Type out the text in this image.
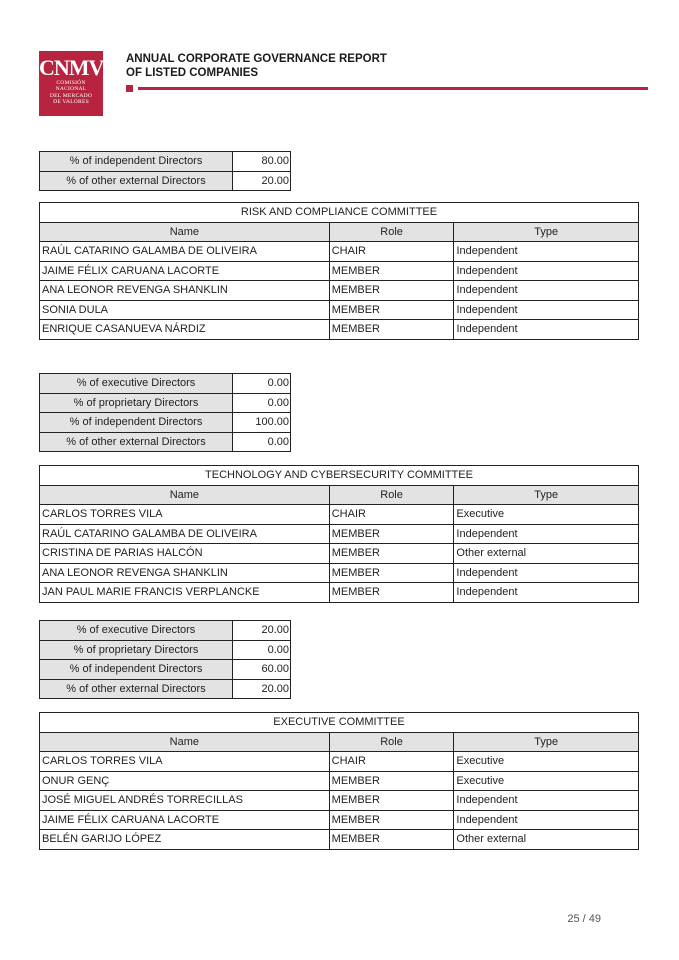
CNMV
COMISIÓN
NACIONAL
DEL MERCADO
DE VALORES
ANNUAL CORPORATE GOVERNANCE REPORT
OF LISTED COMPANIES
% of independent Directors	80.00
% of other external Directors	20.00
RISK AND COMPLIANCE COMMITTEE		
Name	Role	Type
RAÚL CATARINO GALAMBA DE OLIVEIRA	CHAIR	Independent
JAIME FÉLIX CARUANA LACORTE	MEMBER	Independent
ANA LEONOR REVENGA SHANKLIN	MEMBER	Independent
SONIA DULA	MEMBER	Independent
ENRIQUE CASANUEVA NÁRDIZ	MEMBER	Independent
% of executive Directors	0.00
% of proprietary Directors	0.00
% of independent Directors	100.00
% of other external Directors	0.00
TECHNOLOGY AND CYBERSECURITY COMMITTEE		
Name	Role	Type
CARLOS TORRES VILA	CHAIR	Executive
RAÚL CATARINO GALAMBA DE OLIVEIRA	MEMBER	Independent
CRISTINA DE PARIAS HALCÓN	MEMBER	Other external
ANA LEONOR REVENGA SHANKLIN	MEMBER	Independent
JAN PAUL MARIE FRANCIS VERPLANCKE	MEMBER	Independent
% of executive Directors	20.00
% of proprietary Directors	0.00
% of independent Directors	60.00
% of other external Directors	20.00
EXECUTIVE COMMITTEE		
Name	Role	Type
CARLOS TORRES VILA	CHAIR	Executive
ONUR GENÇ	MEMBER	Executive
JOSÉ MIGUEL ANDRÉS TORRECILLAS	MEMBER	Independent
JAIME FÉLIX CARUANA LACORTE	MEMBER	Independent
BELÉN GARIJO LÓPEZ	MEMBER	Other external
25 / 49
